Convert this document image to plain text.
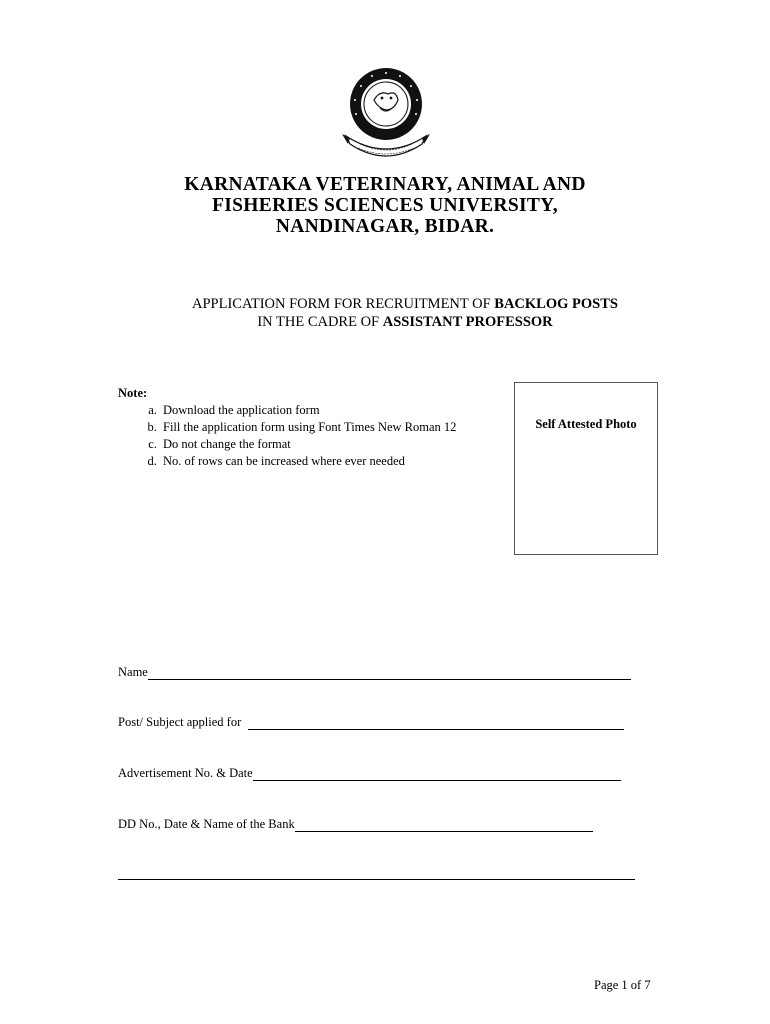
KARNATAKA VETERINARY, ANIMAL AND
FISHERIES SCIENCES UNIVERSITY,
NANDINAGAR, BIDAR.
APPLICATION FORM FOR RECRUITMENT OF BACKLOG POSTS
IN THE CADRE OF ASSISTANT PROFESSOR
Note:
a. Download the application form
b. Fill the application form using Font Times New Roman 12
c. Do not change the format
d. No. of rows can be increased where ever needed
Self Attested Photo
Name
Post/ Subject applied for
Advertisement No. & Date
DD No., Date & Name of the Bank
Page 1 of 7
